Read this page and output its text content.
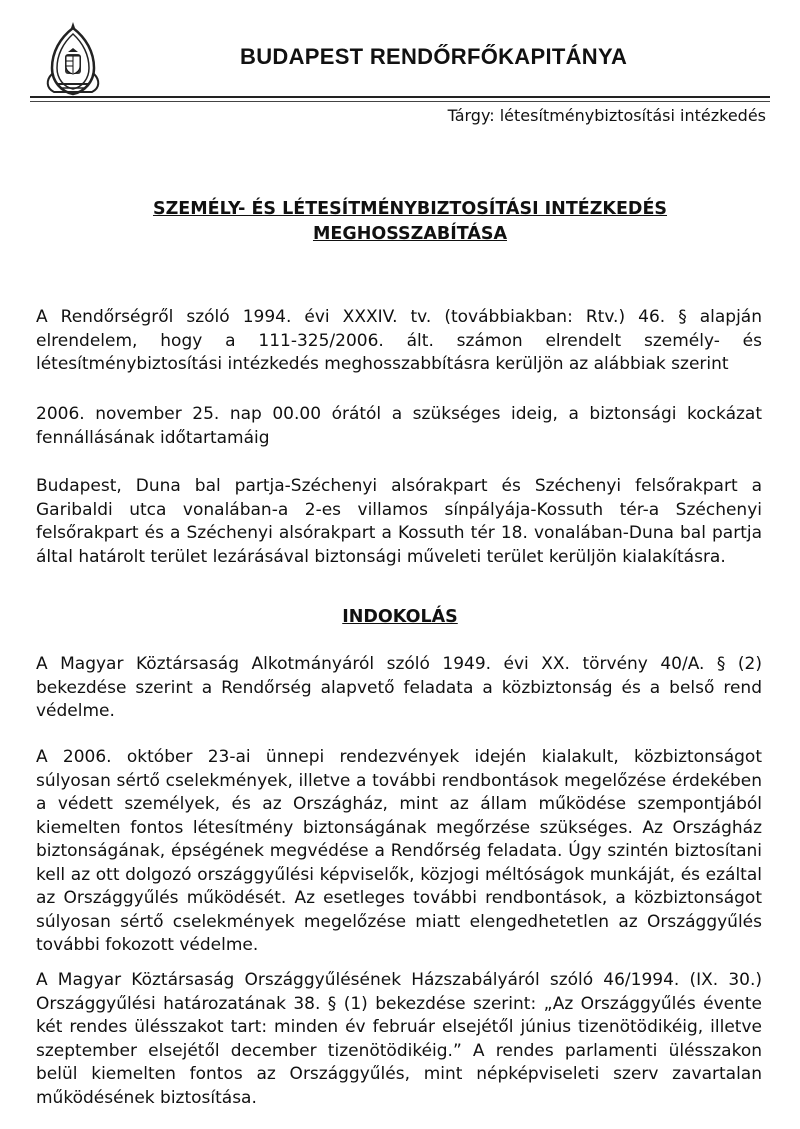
BUDAPEST RENDŐRFŐKAPITÁNYA
Tárgy: létesítménybiztosítási intézkedés
SZEMÉLY- ÉS LÉTESÍTMÉNYBIZTOSÍTÁSI INTÉZKEDÉS
MEGHOSSZABÍTÁSA
A Rendőrségről szóló 1994. évi XXXIV. tv. (továbbiakban: Rtv.) 46. § alapján elrendelem, hogy a 111-325/2006. ált. számon elrendelt személy- és létesítménybiztosítási intézkedés meghosszabbításra kerüljön az alábbiak szerint
2006. november 25. nap 00.00 órától a szükséges ideig, a biztonsági kockázat fennállásának időtartamáig
Budapest, Duna bal partja-Széchenyi alsórakpart és Széchenyi felsőrakpart a Garibaldi utca vonalában-a 2-es villamos sínpályája-Kossuth tér-a Széchenyi felsőrakpart és a Széchenyi alsórakpart a Kossuth tér 18. vonalában-Duna bal partja által határolt terület lezárásával biztonsági műveleti terület kerüljön kialakításra.
INDOKOLÁS
A Magyar Köztársaság Alkotmányáról szóló 1949. évi XX. törvény 40/A. § (2) bekezdése szerint a Rendőrség alapvető feladata a közbiztonság és a belső rend védelme.
A 2006. október 23-ai ünnepi rendezvények idején kialakult, közbiztonságot súlyosan sértő cselekmények, illetve a további rendbontások megelőzése érdekében a védett személyek, és az Országház, mint az állam működése szempontjából kiemelten fontos létesítmény biztonságának megőrzése szükséges. Az Országház biztonságának, épségének megvédése a Rendőrség feladata. Úgy szintén biztosítani kell az ott dolgozó országgyűlési képviselők, közjogi méltóságok munkáját, és ezáltal az Országgyűlés működését. Az esetleges további rendbontások, a közbiztonságot súlyosan sértő cselekmények megelőzése miatt elengedhetetlen az Országgyűlés további fokozott védelme.
A Magyar Köztársaság Országgyűlésének Házszabályáról szóló 46/1994. (IX. 30.) Országgyűlési határozatának 38. § (1) bekezdése szerint: „Az Országgyűlés évente két rendes ülésszakot tart: minden év február elsejétől június tizenötödikéig, illetve szeptember elsejétől december tizenötödikéig.” A rendes parlamenti ülésszakon belül kiemelten fontos az Országgyűlés, mint népképviseleti szerv zavartalan működésének biztosítása.
